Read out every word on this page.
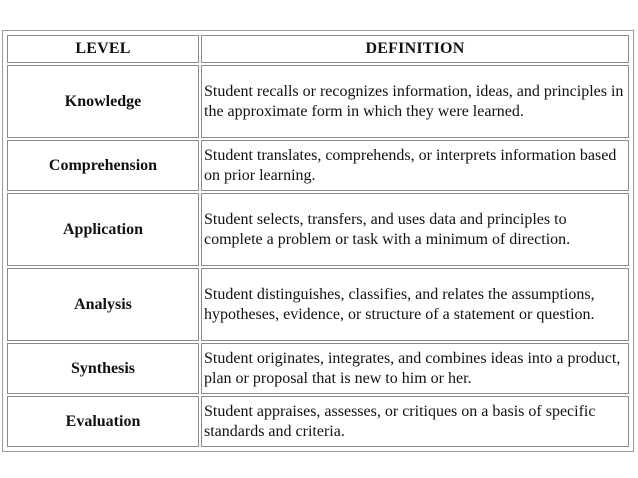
LEVEL	DEFINITION
Knowledge	Student recalls or recognizes information, ideas, and principles in the approximate form in which they were learned.
Comprehension	Student translates, comprehends, or interprets information based on prior learning.
Application	Student selects, transfers, and uses data and principles to complete a problem or task with a minimum of direction.
Analysis	Student distinguishes, classifies, and relates the assumptions, hypotheses, evidence, or structure of a statement or question.
Synthesis	Student originates, integrates, and combines ideas into a product, plan or proposal that is new to him or her.
Evaluation	Student appraises, assesses, or critiques on a basis of specific standards and criteria.
